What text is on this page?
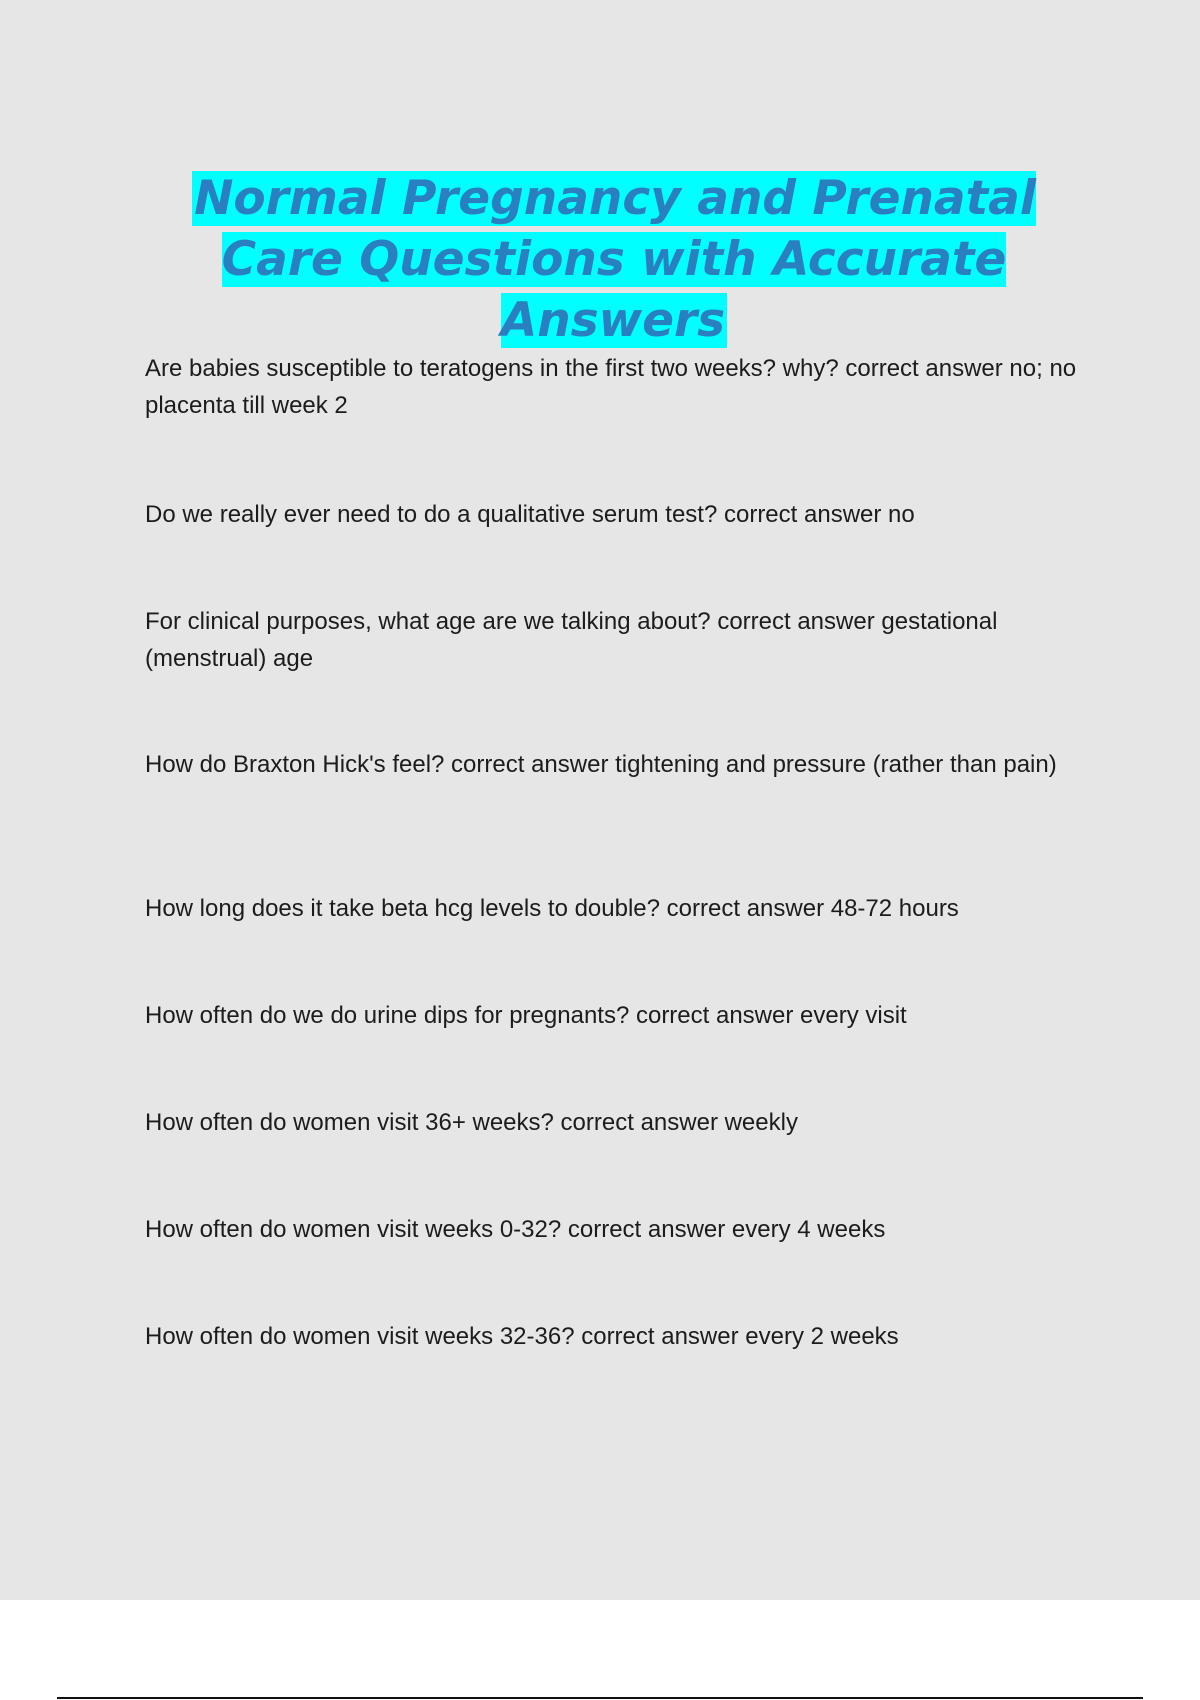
Normal Pregnancy and Prenatal Care Questions with Accurate Answers

Are babies susceptible to teratogens in the first two weeks? why? correct answer no; no placenta till week 2

Do we really ever need to do a qualitative serum test? correct answer no

For clinical purposes, what age are we talking about? correct answer gestational (menstrual) age

How do Braxton Hick's feel? correct answer tightening and pressure (rather than pain)

How long does it take beta hcg levels to double? correct answer 48-72 hours

How often do we do urine dips for pregnants? correct answer every visit

How often do women visit 36+ weeks? correct answer weekly

How often do women visit weeks 0-32? correct answer every 4 weeks

How often do women visit weeks 32-36? correct answer every 2 weeks
